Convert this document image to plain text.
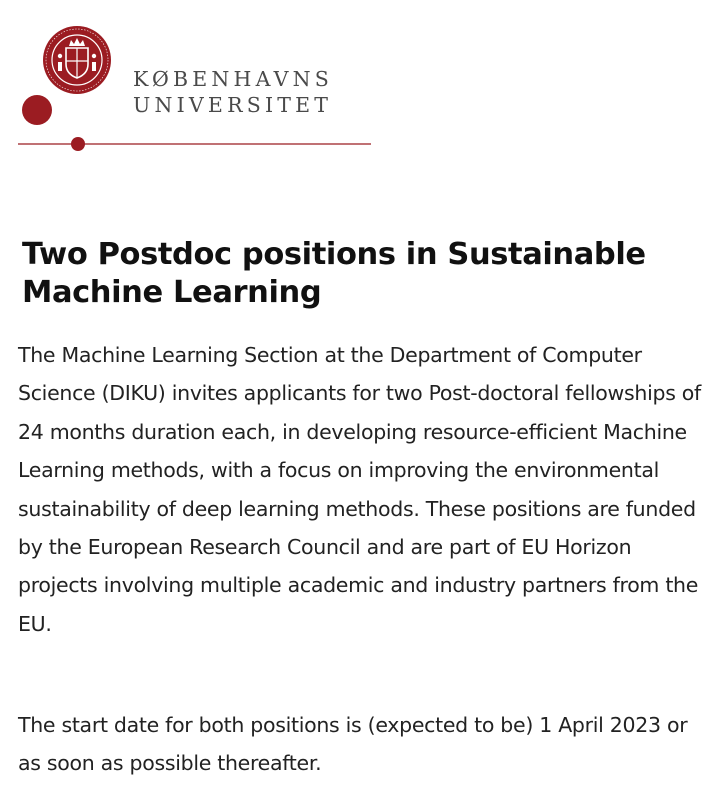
KØBENHAVNS
UNIVERSITET
Two Postdoc positions in Sustainable Machine Learning

The Machine Learning Section at the Department of Computer Science (DIKU) invites applicants for two Post-doctoral fellowships of 24 months duration each, in developing resource-efficient Machine Learning methods, with a focus on improving the environmental sustainability of deep learning methods. These positions are funded by the European Research Council and are part of EU Horizon projects involving multiple academic and industry partners from the EU.

The start date for both positions is (expected to be) 1 April 2023 or as soon as possible thereafter.
